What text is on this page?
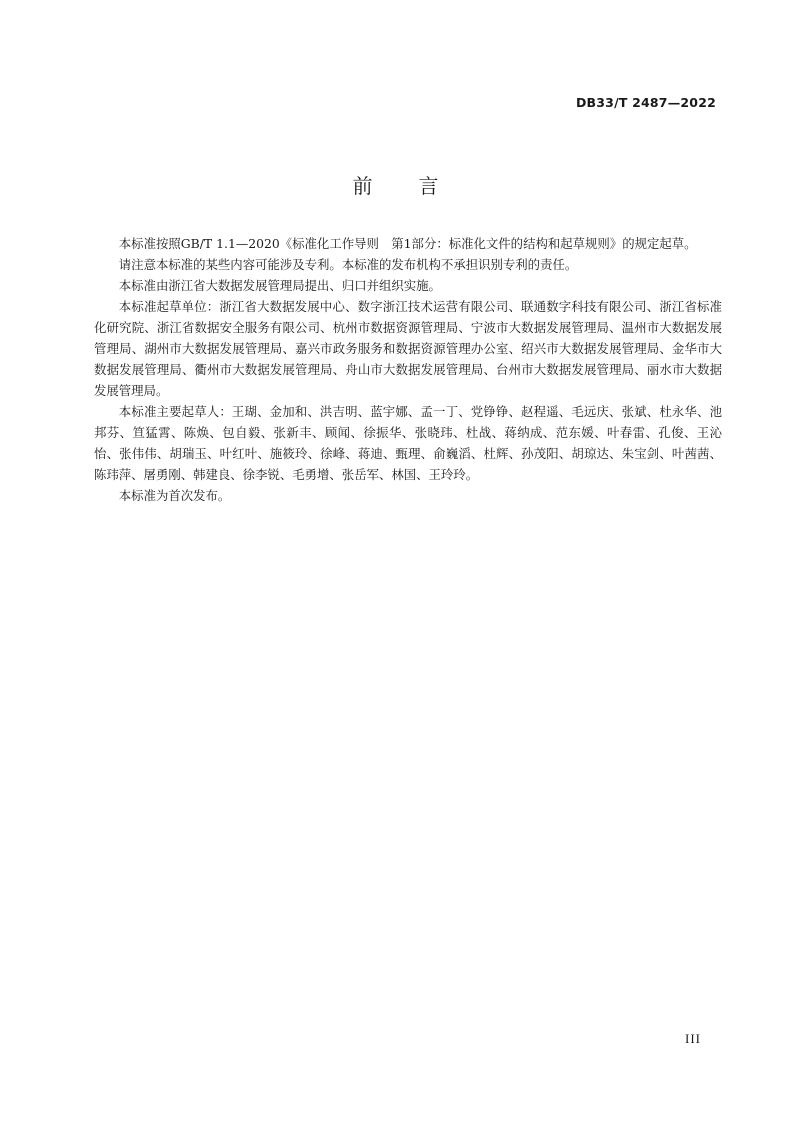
DB33/T 2487—2022
前　　言

本标准按照GB/T 1.1—2020《标准化工作导则　第1部分：标准化文件的结构和起草规则》的规定起草。

请注意本标准的某些内容可能涉及专利。本标准的发布机构不承担识别专利的责任。

本标准由浙江省大数据发展管理局提出、归口并组织实施。

本标准起草单位：浙江省大数据发展中心、数字浙江技术运营有限公司、联通数字科技有限公司、浙江省标准化研究院、浙江省数据安全服务有限公司、杭州市数据资源管理局、宁波市大数据发展管理局、温州市大数据发展管理局、湖州市大数据发展管理局、嘉兴市政务服务和数据资源管理办公室、绍兴市大数据发展管理局、金华市大数据发展管理局、衢州市大数据发展管理局、舟山市大数据发展管理局、台州市大数据发展管理局、丽水市大数据发展管理局。

本标准主要起草人：王瑚、金加和、洪吉明、蓝宇娜、孟一丁、党铮铮、赵程遥、毛远庆、张斌、杜永华、池邦芬、笪猛霄、陈焕、包自毅、张新丰、顾闻、徐振华、张晓玮、杜战、蒋纳成、范东媛、叶春雷、孔俊、王沁怡、张伟伟、胡瑞玉、叶红叶、施筱玲、徐峰、蒋迪、甄理、俞巍滔、杜辉、孙茂阳、胡琼达、朱宝剑、叶茜茜、陈玮萍、屠勇刚、韩建良、徐李锐、毛勇增、张岳军、林国、王玲玲。

本标准为首次发布。

III
